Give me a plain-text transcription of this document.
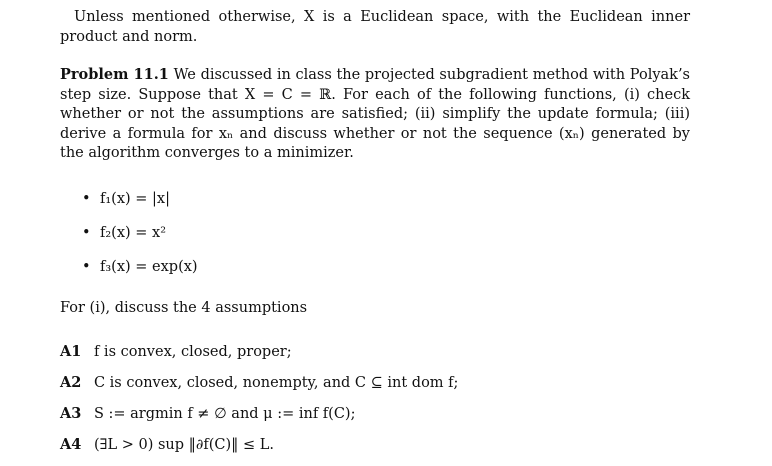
Unless mentioned otherwise, X is a Euclidean space, with the Euclidean inner product and norm.

Problem 11.1 We discussed in class the projected subgradient method with Polyak’s step size. Suppose that X = C = ℝ. For each of the following functions, (i) check whether or not the assumptions are satisfied; (ii) simplify the update formula; (iii) derive a formula for xₙ and discuss whether or not the sequence (xₙ) generated by the algorithm converges to a minimizer.

• f₁(x) = |x|
• f₂(x) = x²
• f₃(x) = exp(x)

For (i), discuss the 4 assumptions

A1 f is convex, closed, proper;
A2 C is convex, closed, nonempty, and C ⊆ int dom f;
A3 S := argmin f ≠ ∅ and μ := inf f(C);
A4 (∃L > 0) sup ‖∂f(C)‖ ≤ L.
